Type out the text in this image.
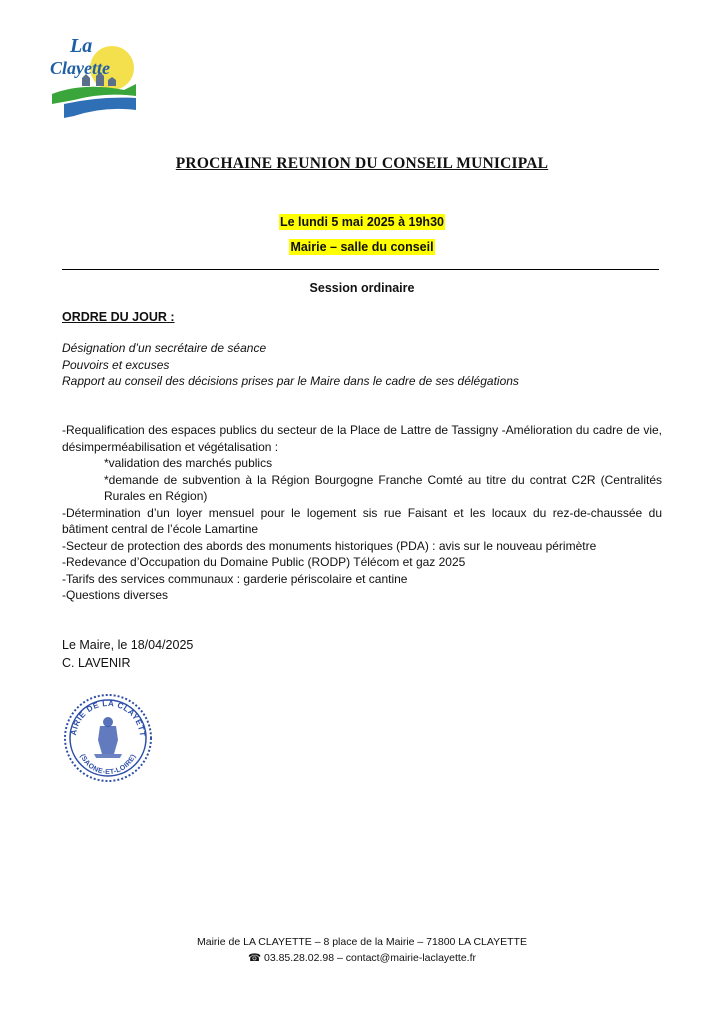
La
Clayette
PROCHAINE REUNION DU CONSEIL MUNICIPAL
Le lundi 5 mai 2025 à 19h30
Mairie – salle du conseil
Session ordinaire
ORDRE DU JOUR :
Désignation d’un secrétaire de séance
Pouvoirs et excuses
Rapport au conseil des décisions prises par le Maire dans le cadre de ses délégations

-Requalification des espaces publics du secteur de la Place de Lattre de Tassigny -Amélioration du cadre de vie, désimperméabilisation et végétalisation :

*validation des marchés publics

*demande de subvention à la Région Bourgogne Franche Comté au titre du contrat C2R (Centralités Rurales en Région)

-Détermination d’un loyer mensuel pour le logement sis rue Faisant et les locaux du rez-de-chaussée du bâtiment central de l’école Lamartine

-Secteur de protection des abords des monuments historiques (PDA) : avis sur le nouveau périmètre

-Redevance d’Occupation du Domaine Public (RODP) Télécom et gaz 2025

-Tarifs des services communaux : garderie périscolaire et cantine

-Questions diverses

Le Maire, le 18/04/2025
C. LAVENIR
AIRIE DE LA CLAYETT
(SAONE-ET-LOIRE)
Mairie de LA CLAYETTE – 8 place de la Mairie – 71800 LA CLAYETTE
☎ 03.85.28.02.98 – contact@mairie-laclayette.fr
